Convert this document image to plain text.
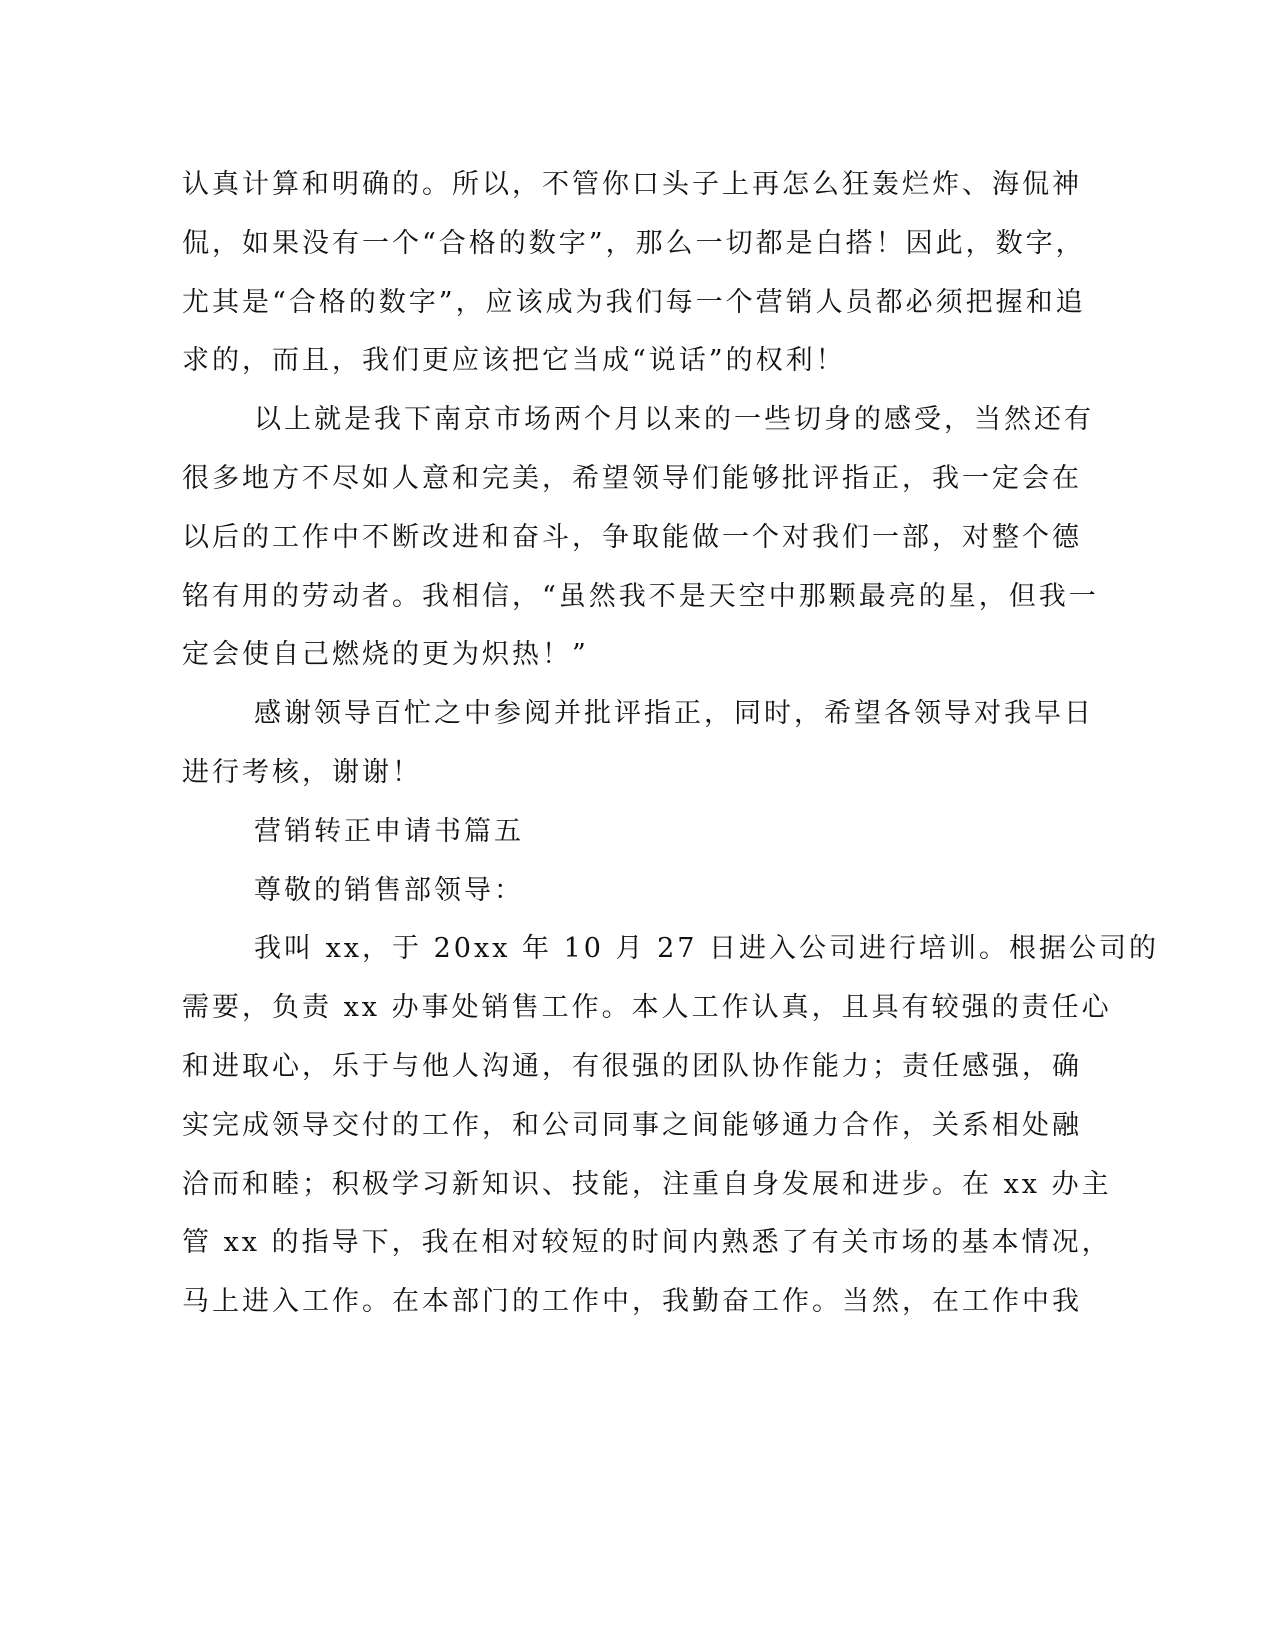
认真计算和明确的。所以，不管你口头子上再怎么狂轰烂炸、海侃神
侃，如果没有一个“合格的数字”，那么一切都是白搭！因此，数字，
尤其是“合格的数字”，应该成为我们每一个营销人员都必须把握和追
求的，而且，我们更应该把它当成“说话”的权利！
以上就是我下南京市场两个月以来的一些切身的感受，当然还有
很多地方不尽如人意和完美，希望领导们能够批评指正，我一定会在
以后的工作中不断改进和奋斗，争取能做一个对我们一部，对整个德
铭有用的劳动者。我相信，“虽然我不是天空中那颗最亮的星，但我一
定会使自己燃烧的更为炽热！”
感谢领导百忙之中参阅并批评指正，同时，希望各领导对我早日
进行考核，谢谢！
营销转正申请书篇五
尊敬的销售部领导：
我叫 xx，于 20xx 年 10 月 27 日进入公司进行培训。根据公司的
需要，负责 xx 办事处销售工作。本人工作认真，且具有较强的责任心
和进取心，乐于与他人沟通，有很强的团队协作能力；责任感强，确
实完成领导交付的工作，和公司同事之间能够通力合作，关系相处融
洽而和睦；积极学习新知识、技能，注重自身发展和进步。在 xx 办主
管 xx 的指导下，我在相对较短的时间内熟悉了有关市场的基本情况，
马上进入工作。在本部门的工作中，我勤奋工作。当然，在工作中我
